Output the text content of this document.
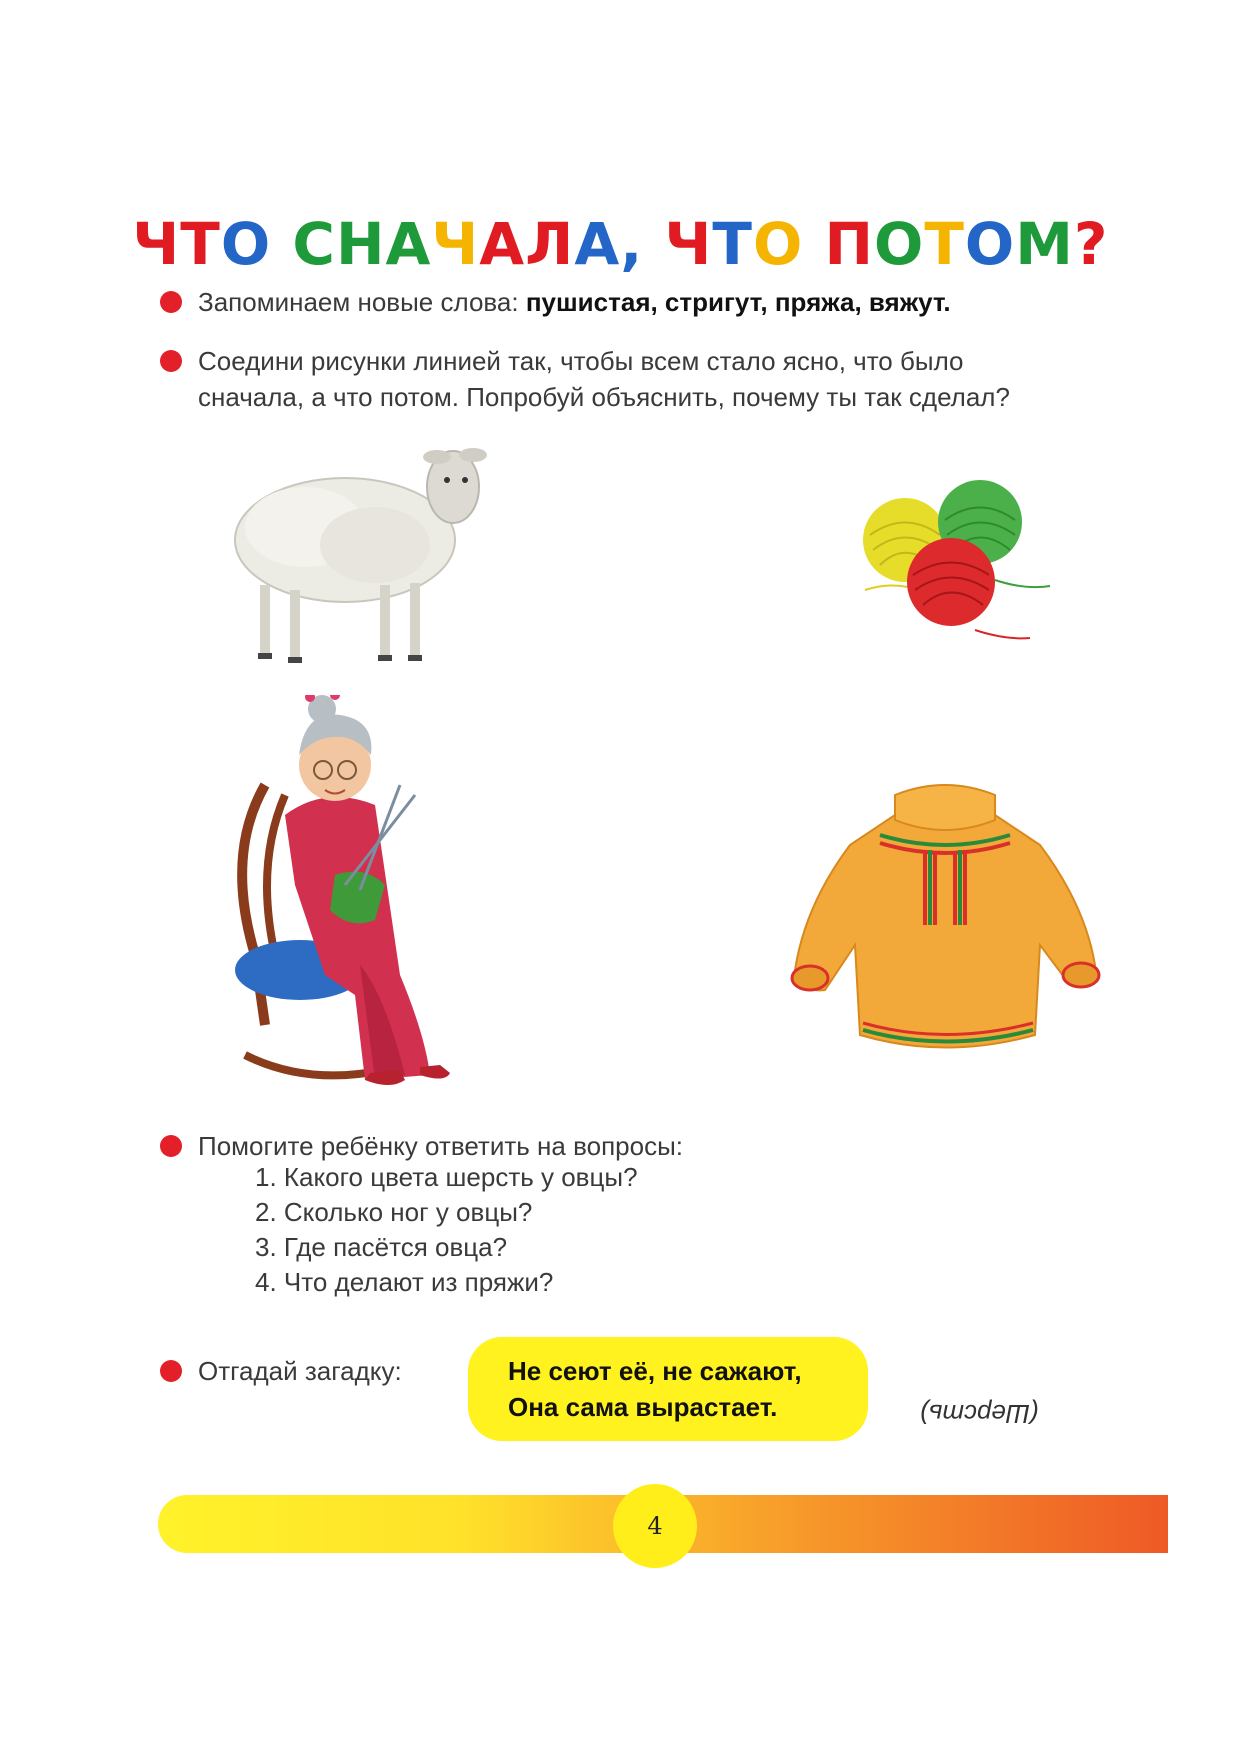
ЧТО СНАЧАЛА, ЧТО ПОТОМ?
Запоминаем новые слова: пушистая, стригут, пряжа, вяжут.
Соедини рисунки линией так, чтобы всем стало ясно, что было
сначала, а что потом. Попробуй объяснить, почему ты так сделал?
Помогите ребёнку ответить на вопросы:
1. Какого цвета шерсть у овцы?
2. Сколько ног у овцы?
3. Где пасётся овца?
4. Что делают из пряжи?
Отгадай загадку:	Не сеют её, не сажают,
Она сама вырастает.	(Шерсть)
4
